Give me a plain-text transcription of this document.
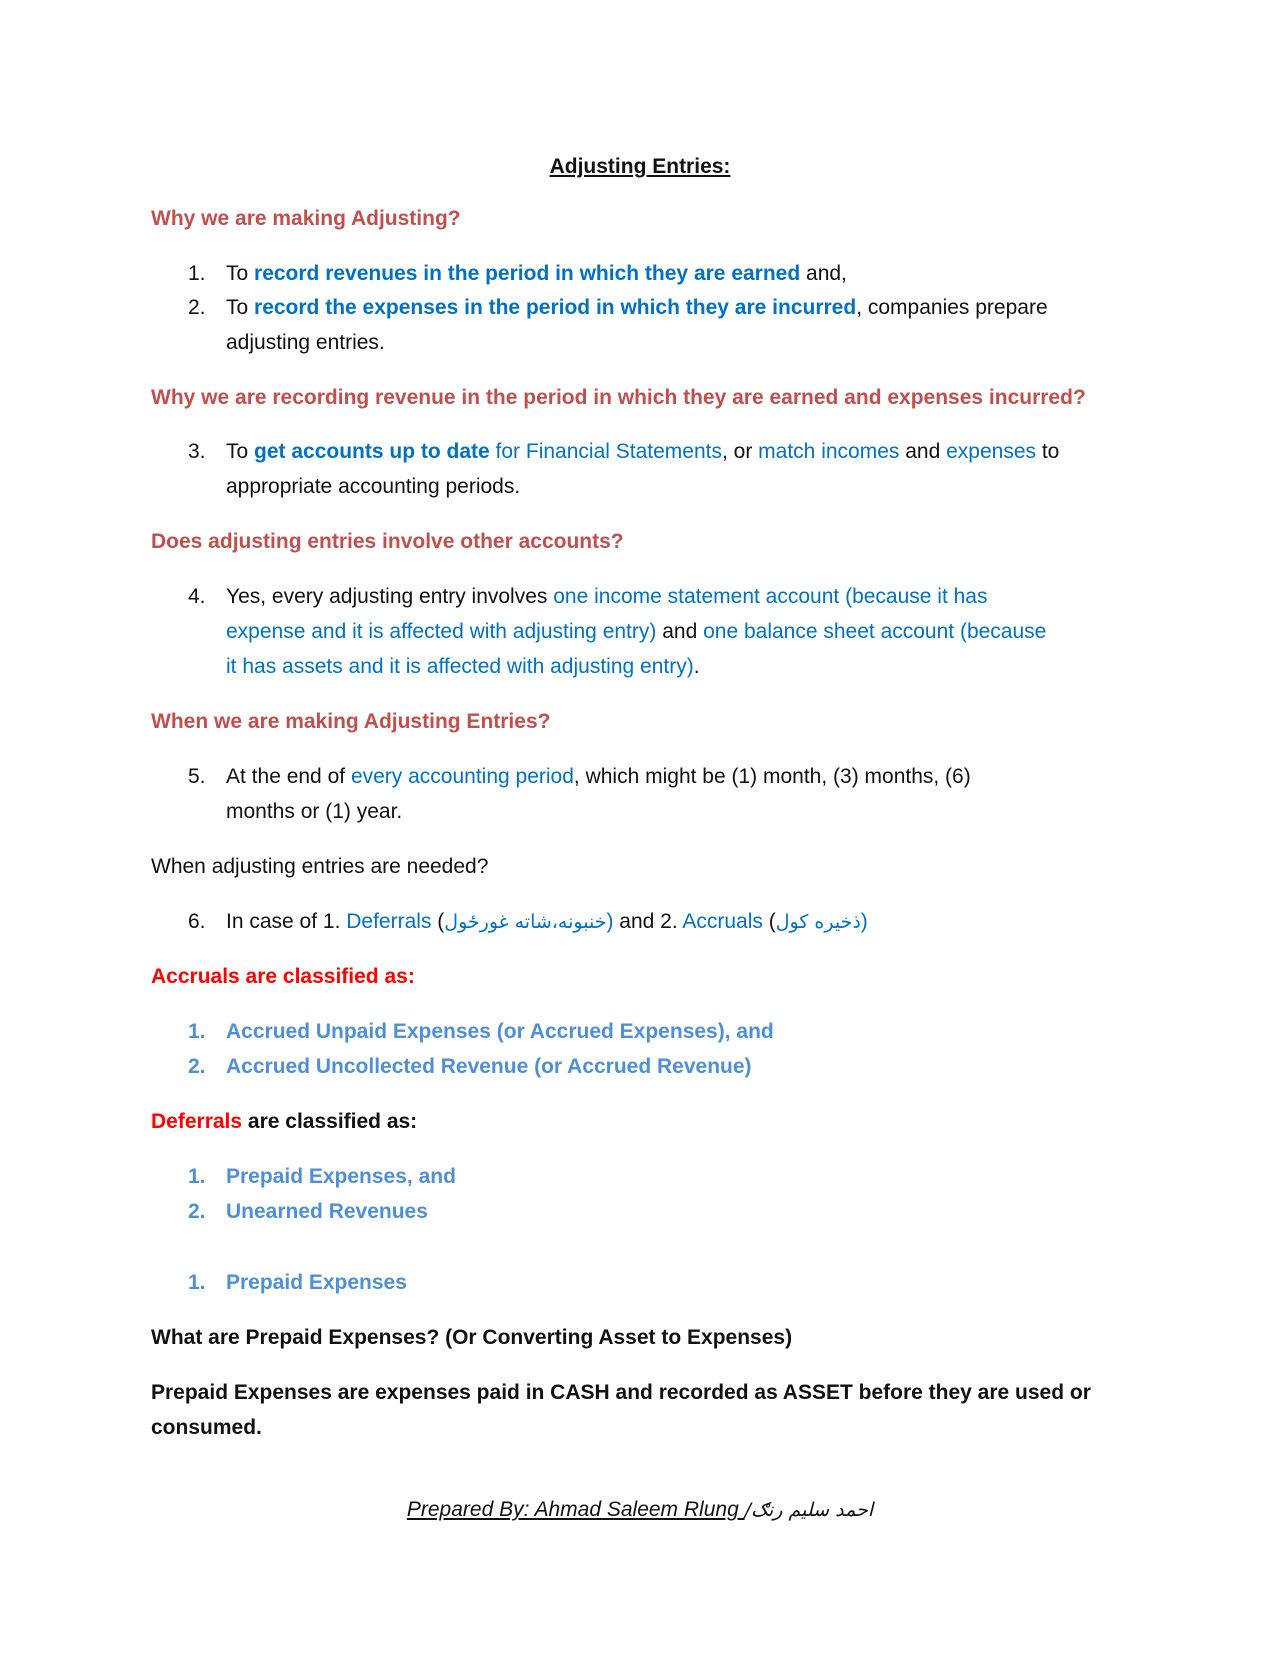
Adjusting Entries:
Why we are making Adjusting?
1. To record revenues in the period in which they are earned and,
2. To record the expenses in the period in which they are incurred, companies prepare
adjusting entries.
Why we are recording revenue in the period in which they are earned and expenses incurred?
3. To get accounts up to date for Financial Statements, or match incomes and expenses to
appropriate accounting periods.
Does adjusting entries involve other accounts?
4. Yes, every adjusting entry involves one income statement account (because it has
expense and it is affected with adjusting entry) and one balance sheet account (because
it has assets and it is affected with adjusting entry).
When we are making Adjusting Entries?
5. At the end of every accounting period, which might be (1) month, (3) months, (6)
months or (1) year.
When adjusting entries are needed?
6. In case of 1. Deferrals (خنبونه،شاته غورځول) and 2. Accruals (ذخیره کول)
Accruals are classified as:
1. Accrued Unpaid Expenses (or Accrued Expenses), and
2. Accrued Uncollected Revenue (or Accrued Revenue)
Deferrals are classified as:
1. Prepaid Expenses, and
2. Unearned Revenues
1. Prepaid Expenses
What are Prepaid Expenses? (Or Converting Asset to Expenses)
Prepaid Expenses are expenses paid in CASH and recorded as ASSET before they are used or
consumed.
Prepared By: Ahmad Saleem Rlung احمد سلیم رنګ/
